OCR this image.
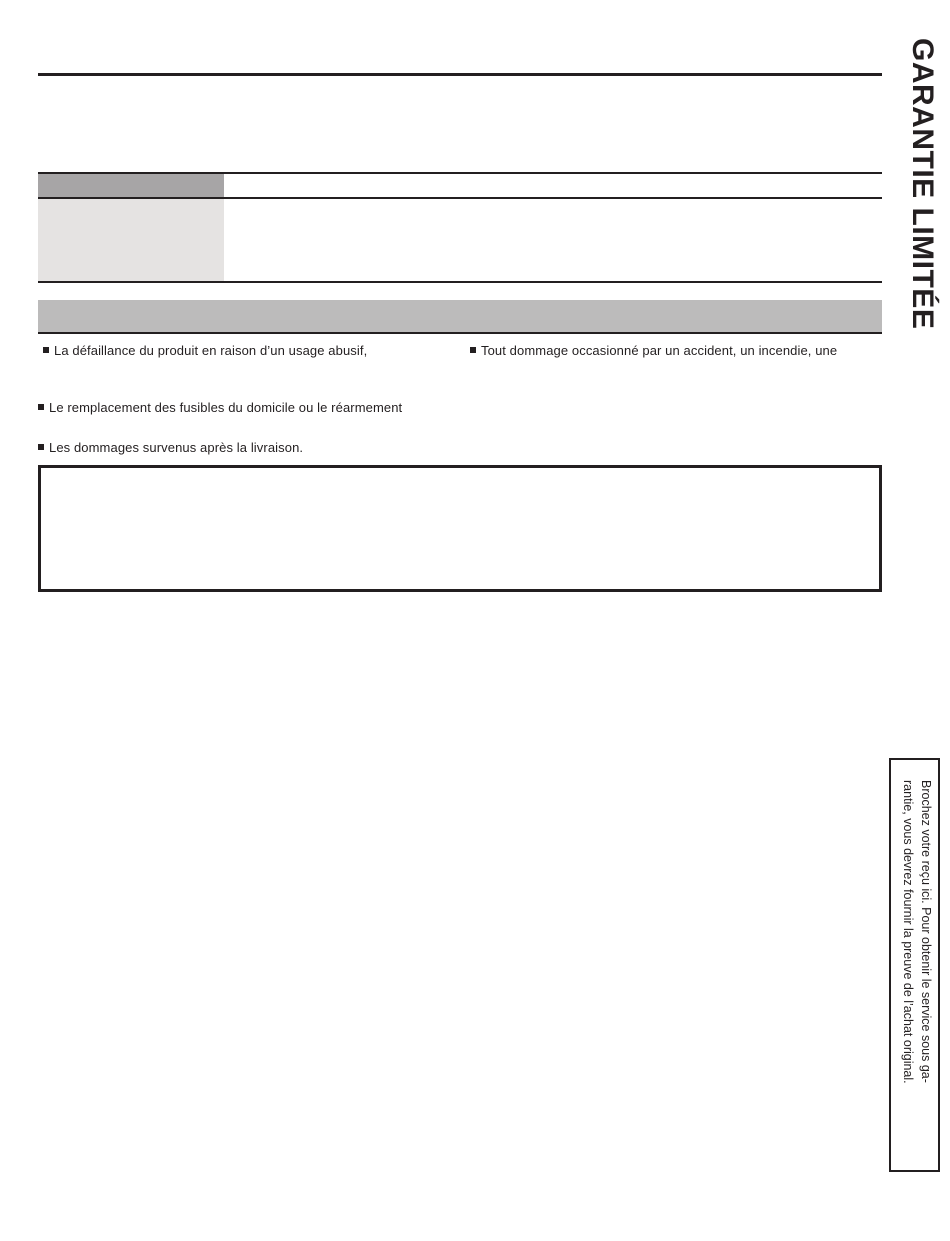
La défaillance du produit en raison d’un usage abusif,	Tout dommage occasionné par un accident, un incendie, une
Le remplacement des fusibles du domicile ou le réarmement
Les dommages survenus après la livraison.
GARANTIE LIMITÉE
Brochez votre reçu ici. Pour obtenir le service sous ga-
rantie, vous devrez fournir la preuve de l’achat original.
